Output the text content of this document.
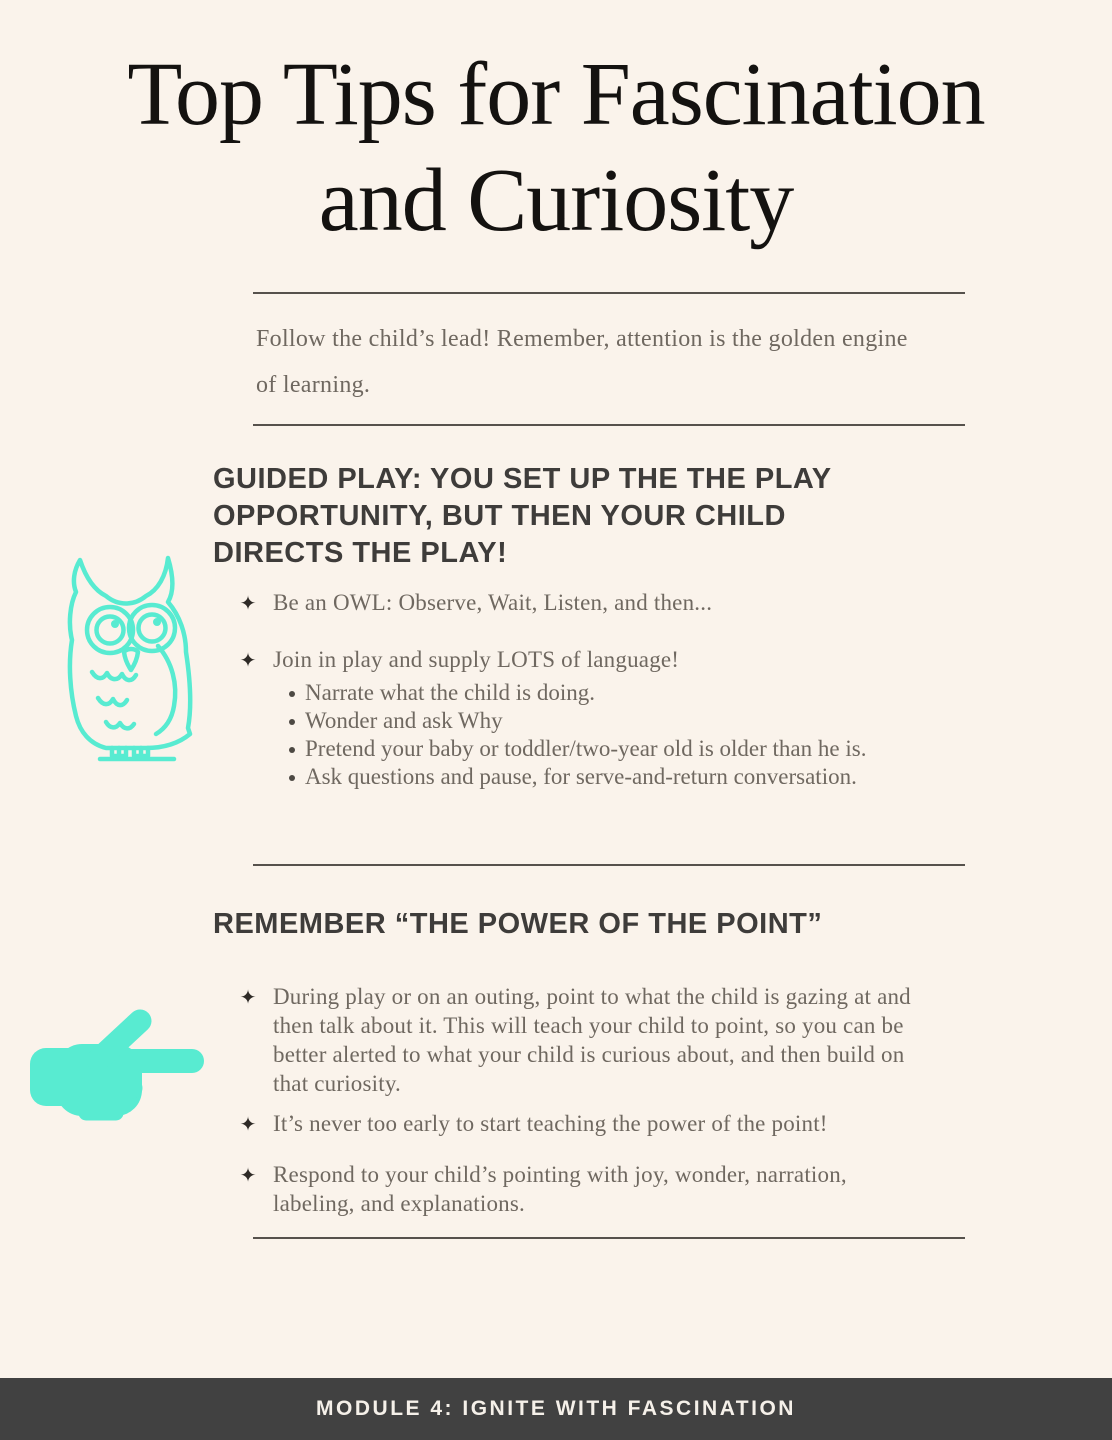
Top Tips for Fascination
and Curiosity
Follow the child’s lead! Remember, attention is the golden engine of learning.
GUIDED PLAY: YOU SET UP THE THE PLAY OPPORTUNITY, BUT THEN YOUR CHILD DIRECTS THE PLAY!
✦ Be an OWL: Observe, Wait, Listen, and then...
✦ Join in play and supply LOTS of language!
Narrate what the child is doing.
Wonder and ask Why
Pretend your baby or toddler/two-year old is older than he is.
Ask questions and pause, for serve-and-return conversation.
REMEMBER “THE POWER OF THE POINT”
✦ During play or on an outing, point to what the child is gazing at and then talk about it. This will teach your child to point, so you can be better alerted to what your child is curious about, and then build on that curiosity.
✦ It’s never too early to start teaching the power of the point!
✦ Respond to your child’s pointing with joy, wonder, narration, labeling, and explanations.
MODULE 4: IGNITE WITH FASCINATION
